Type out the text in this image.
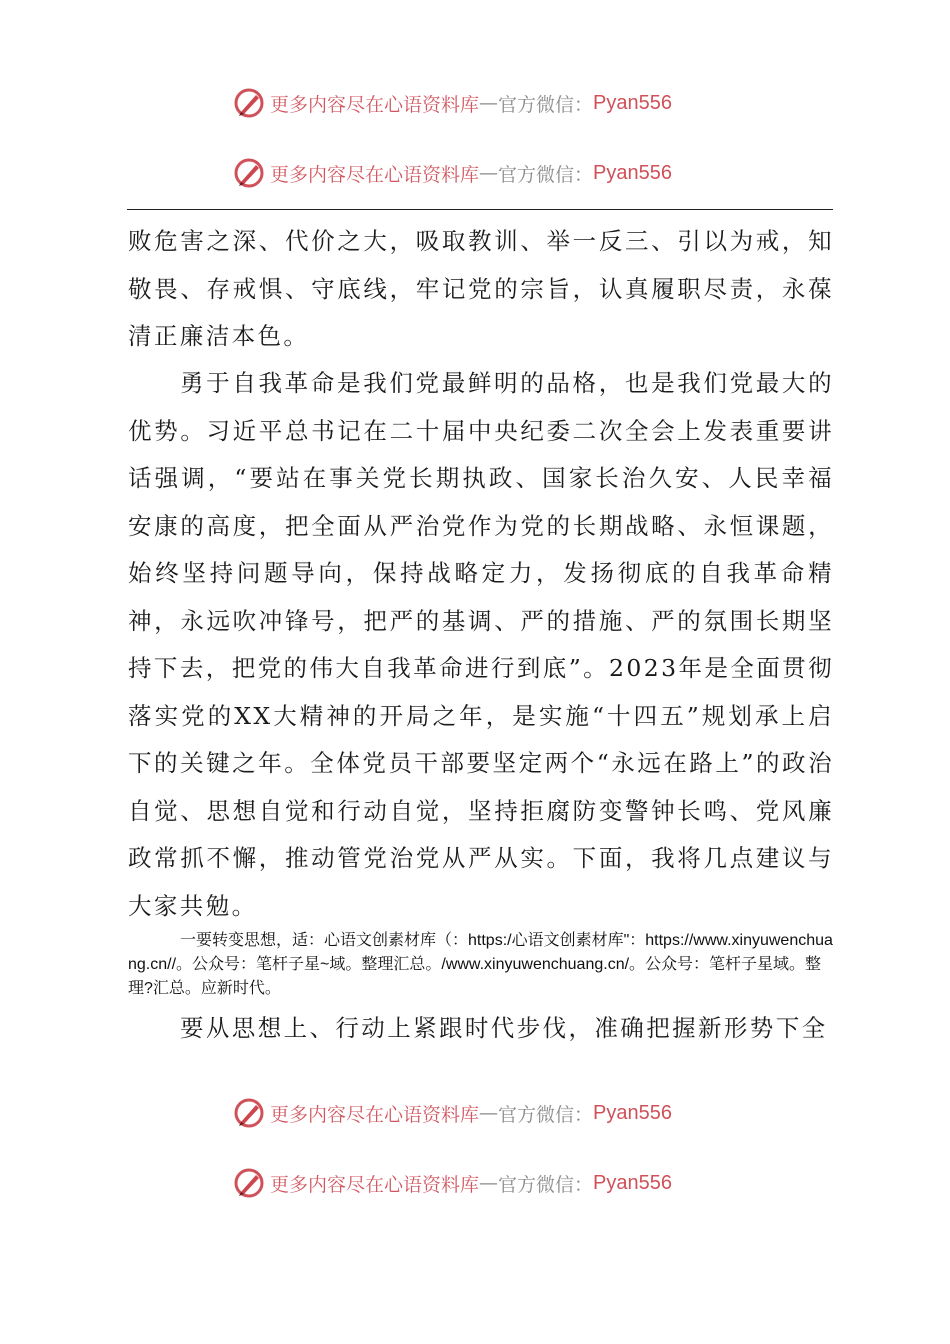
更多内容尽在心语资料库 — 官方微信： Pyan556
更多内容尽在心语资料库 — 官方微信： Pyan556

败危害之深、代价之大，吸取教训、举一反三、引以为戒，知敬畏、存戒惧、守底线，牢记党的宗旨，认真履职尽责，永葆清正廉洁本色。

勇于自我革命是我们党最鲜明的品格，也是我们党最大的优势。习近平总书记在二十届中央纪委二次全会上发表重要讲话强调，“要站在事关党长期执政、国家长治久安、人民幸福安康的高度，把全面从严治党作为党的长期战略、永恒课题，始终坚持问题导向，保持战略定力，发扬彻底的自我革命精神，永远吹冲锋号，把严的基调、严的措施、严的氛围长期坚持下去，把党的伟大自我革命进行到底”。2023年是全面贯彻落实党的XX大精神的开局之年，是实施“十四五”规划承上启下的关键之年。全体党员干部要坚定两个“永远在路上”的政治自觉、思想自觉和行动自觉，坚持拒腐防变警钟长鸣、党风廉政常抓不懈，推动管党治党从严从实。下面，我将几点建议与大家共勉。

一要转变思想，适：心语文创素材库（：https:/心语文创素材库"：https://www.xinyuwenchuang.cn//。公众号：笔杆子星~域。整理汇总。/www.xinyuwenchuang.cn/。公众号：笔杆子星域。整理?汇总。应新时代。

要从思想上、行动上紧跟时代步伐，准确把握新形势下全

更多内容尽在心语资料库 — 官方微信： Pyan556
更多内容尽在心语资料库 — 官方微信： Pyan556
